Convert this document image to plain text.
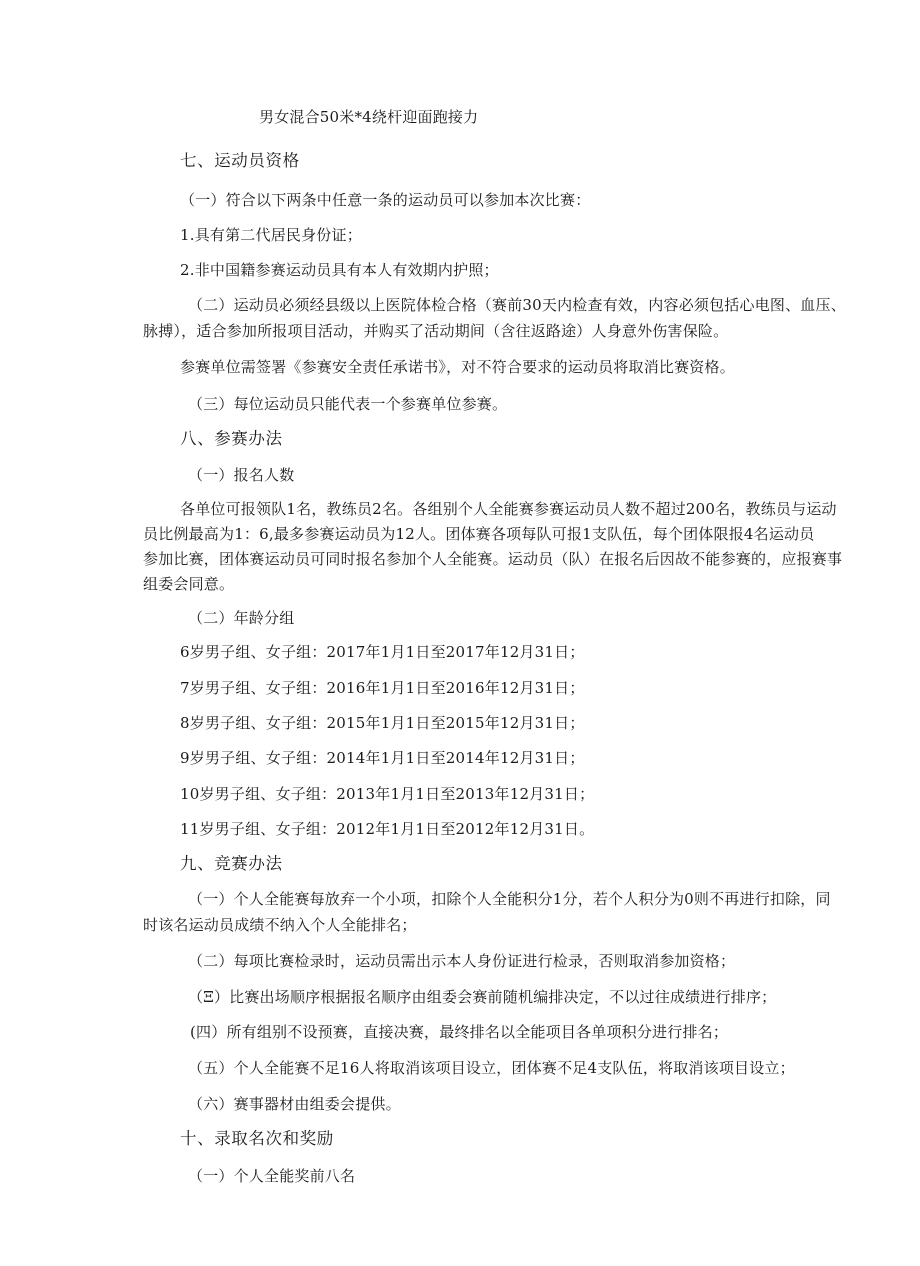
男女混合50米*4绕杆迎面跑接力
七、运动员资格
（一）符合以下两条中任意一条的运动员可以参加本次比赛：
1.具有第二代居民身份证；
2.非中国籍参赛运动员具有本人有效期内护照；
（二）运动员必须经县级以上医院体检合格（赛前30天内检查有效，内容必须包括心电图、血压、
脉搏），适合参加所报项目活动，并购买了活动期间（含往返路途）人身意外伤害保险。
参赛单位需签署《参赛安全责任承诺书》，对不符合要求的运动员将取消比赛资格。
（三）每位运动员只能代表一个参赛单位参赛。
八、参赛办法
（一）报名人数
各单位可报领队1名，教练员2名。各组别个人全能赛参赛运动员人数不超过200名，教练员与运动
员比例最高为1：6,最多参赛运动员为12人。团体赛各项每队可报1支队伍，每个团体限报4名运动员
参加比赛，团体赛运动员可同时报名参加个人全能赛。运动员（队）在报名后因故不能参赛的，应报赛事
组委会同意。
（二）年龄分组
6岁男子组、女子组：2017年1月1日至2017年12月31日；
7岁男子组、女子组：2016年1月1日至2016年12月31日；
8岁男子组、女子组：2015年1月1日至2015年12月31日；
9岁男子组、女子组：2014年1月1日至2014年12月31日；
10岁男子组、女子组：2013年1月1日至2013年12月31日；
11岁男子组、女子组：2012年1月1日至2012年12月31日。
九、竞赛办法
（一）个人全能赛每放弃一个小项，扣除个人全能积分1分，若个人积分为0则不再进行扣除，同
时该名运动员成绩不纳入个人全能排名；
（二）每项比赛检录时，运动员需出示本人身份证进行检录，否则取消参加资格；
（Ξ）比赛出场顺序根据报名顺序由组委会赛前随机编排决定，不以过往成绩进行排序；
(四）所有组别不设预赛，直接决赛，最终排名以全能项目各单项积分进行排名；
（五）个人全能赛不足16人将取消该项目设立，团体赛不足4支队伍，将取消该项目设立；
（六）赛事器材由组委会提供。
十、录取名次和奖励
（一）个人全能奖前八名
